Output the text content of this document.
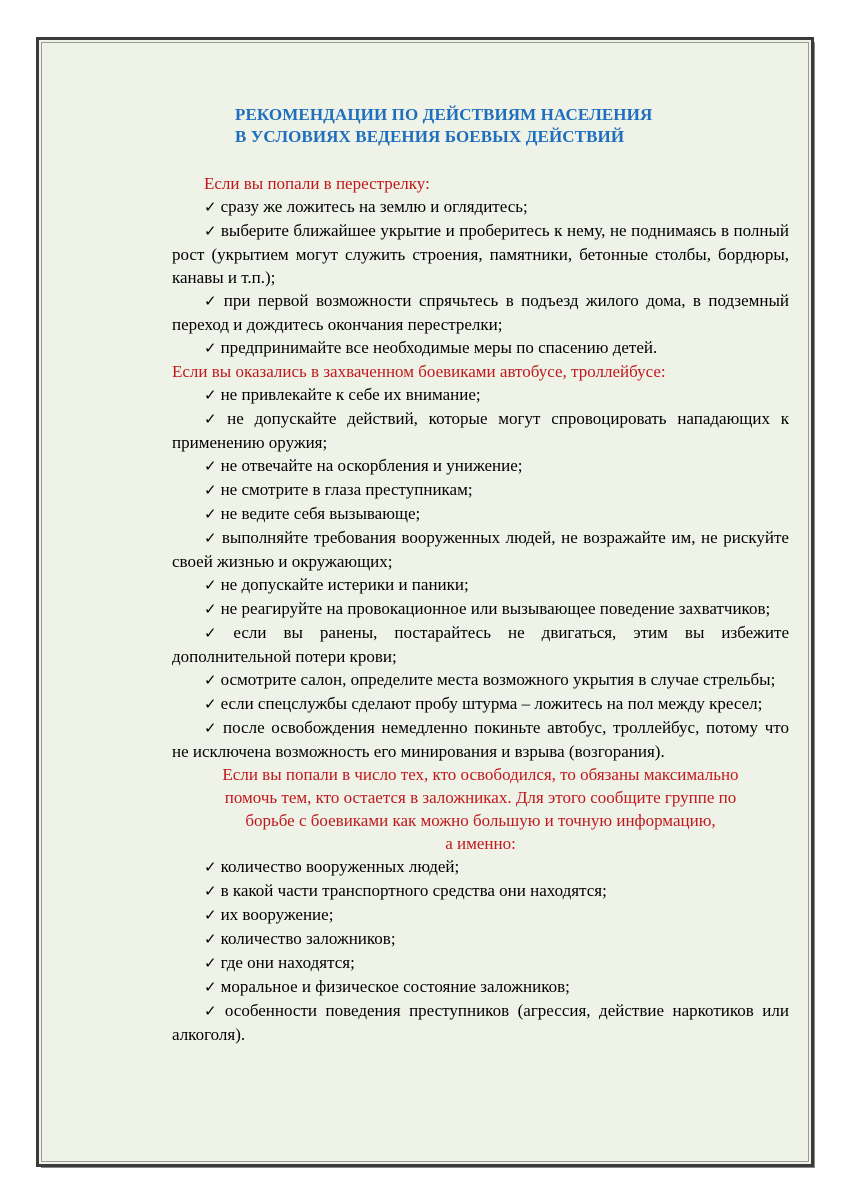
РЕКОМЕНДАЦИИ ПО ДЕЙСТВИЯМ НАСЕЛЕНИЯ
В УСЛОВИЯХ ВЕДЕНИЯ БОЕВЫХ ДЕЙСТВИЙ

Если вы попали в перестрелку:

✓ сразу же ложитесь на землю и оглядитесь;

✓ выберите ближайшее укрытие и проберитесь к нему, не поднимаясь в полный рост (укрытием могут служить строения, памятники, бетонные столбы, бордюры, канавы и т.п.);

✓ при первой возможности спрячьтесь в подъезд жилого дома, в подземный переход и дождитесь окончания перестрелки;

✓ предпринимайте все необходимые меры по спасению детей.

Если вы оказались в захваченном боевиками автобусе, троллейбусе:

✓ не привлекайте к себе их внимание;

✓ не допускайте действий, которые могут спровоцировать нападающих к применению оружия;

✓ не отвечайте на оскорбления и унижение;

✓ не смотрите в глаза преступникам;

✓ не ведите себя вызывающе;

✓ выполняйте требования вооруженных людей, не возражайте им, не рискуйте своей жизнью и окружающих;

✓ не допускайте истерики и паники;

✓ не реагируйте на провокационное или вызывающее поведение захватчиков;

✓ если вы ранены, постарайтесь не двигаться, этим вы избежите дополнительной потери крови;

✓ осмотрите салон, определите места возможного укрытия в случае стрельбы;

✓ если спецслужбы сделают пробу штурма – ложитесь на пол между кресел;

✓ после освобождения немедленно покиньте автобус, троллейбус, потому что не исключена возможность его минирования и взрыва (возгорания).

Если вы попали в число тех, кто освободился, то обязаны максимально
помочь тем, кто остается в заложниках. Для этого сообщите группе по
борьбе с боевиками как можно большую и точную информацию,
а именно:

✓ количество вооруженных людей;

✓ в какой части транспортного средства они находятся;

✓ их вооружение;

✓ количество заложников;

✓ где они находятся;

✓ моральное и физическое состояние заложников;

✓ особенности поведения преступников (агрессия, действие наркотиков или алкоголя).
